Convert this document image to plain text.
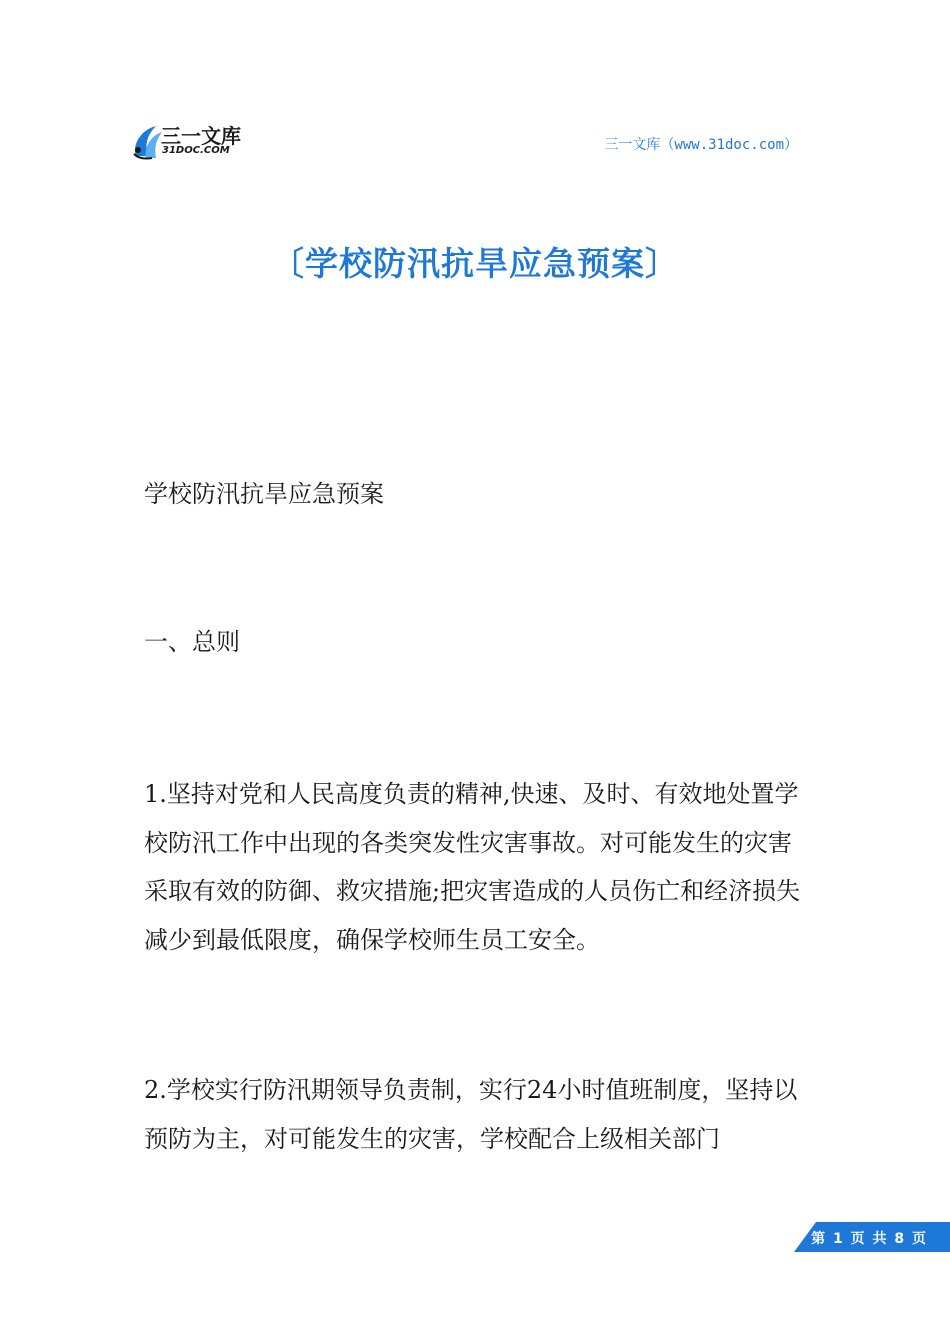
三一文库
31DOC.COM	三一文库（www.31doc.com）
〔学校防汛抗旱应急预案〕

学校防汛抗旱应急预案

一、总则

1.坚持对党和人民高度负责的精神,快速、及时、有效地处置学校防汛工作中出现的各类突发性灾害事故。对可能发生的灾害采取有效的防御、救灾措施;把灾害造成的人员伤亡和经济损失减少到最低限度，确保学校师生员工安全。

2.学校实行防汛期领导负责制，实行24小时值班制度，坚持以预防为主，对可能发生的灾害，学校配合上级相关部门

第 1 页 共 8 页
